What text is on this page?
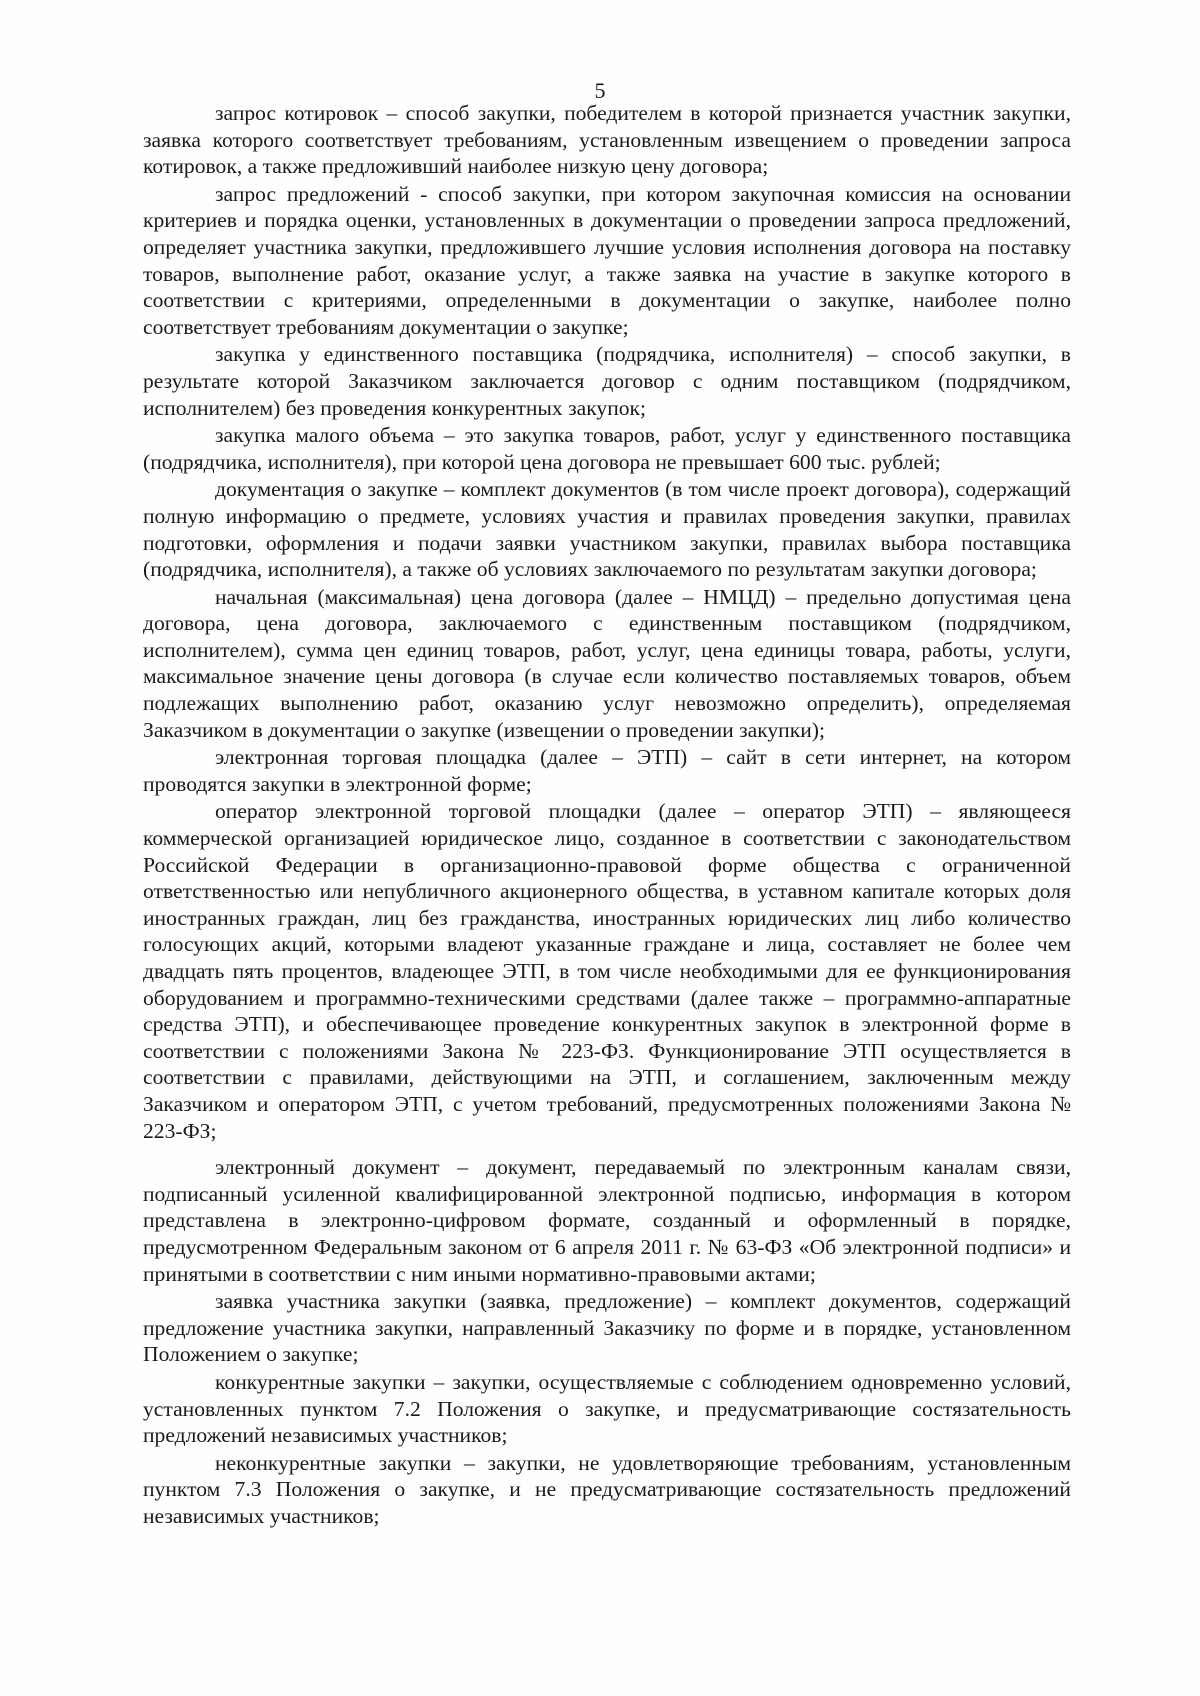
5

запрос котировок – способ закупки, победителем в которой признается участник закупки, заявка которого соответствует требованиям, установленным извещением о проведении запроса котировок, а также предложивший наиболее низкую цену договора;

запрос предложений - способ закупки, при котором закупочная комиссия на основании критериев и порядка оценки, установленных в документации о проведении запроса предложений, определяет участника закупки, предложившего лучшие условия исполнения договора на поставку товаров, выполнение работ, оказание услуг, а также заявка на участие в закупке которого в соответствии с критериями, определенными в документации о закупке, наиболее полно соответствует требованиям документации о закупке;

закупка у единственного поставщика (подрядчика, исполнителя) – способ закупки, в результате которой Заказчиком заключается договор с одним поставщиком (подрядчиком, исполнителем) без проведения конкурентных закупок;

закупка малого объема – это закупка товаров, работ, услуг у единственного поставщика (подрядчика, исполнителя), при которой цена договора не превышает 600 тыс. рублей;

документация о закупке – комплект документов (в том числе проект договора), содержащий полную информацию о предмете, условиях участия и правилах проведения закупки, правилах подготовки, оформления и подачи заявки участником закупки, правилах выбора поставщика (подрядчика, исполнителя), а также об условиях заключаемого по результатам закупки договора;

начальная (максимальная) цена договора (далее – НМЦД) – предельно допустимая цена договора, цена договора, заключаемого с единственным поставщиком (подрядчиком, исполнителем), сумма цен единиц товаров, работ, услуг, цена единицы товара, работы, услуги, максимальное значение цены договора (в случае если количество поставляемых товаров, объем подлежащих выполнению работ, оказанию услуг невозможно определить), определяемая Заказчиком в документации о закупке (извещении о проведении закупки);

электронная торговая площадка (далее – ЭТП) – сайт в сети интернет, на котором проводятся закупки в электронной форме;

оператор электронной торговой площадки (далее – оператор ЭТП) – являющееся коммерческой организацией юридическое лицо, созданное в соответствии с законодательством Российской Федерации в организационно-правовой форме общества с ограниченной ответственностью или непубличного акционерного общества, в уставном капитале которых доля иностранных граждан, лиц без гражданства, иностранных юридических лиц либо количество голосующих акций, которыми владеют указанные граждане и лица, составляет не более чем двадцать пять процентов, владеющее ЭТП, в том числе необходимыми для ее функционирования оборудованием и программно-техническими средствами (далее также – программно-аппаратные средства ЭТП), и обеспечивающее проведение конкурентных закупок в электронной форме в соответствии с положениями Закона № 223-ФЗ. Функционирование ЭТП осуществляется в соответствии с правилами, действующими на ЭТП, и соглашением, заключенным между Заказчиком и оператором ЭТП, с учетом требований, предусмотренных положениями Закона № 223-ФЗ;

электронный документ – документ, передаваемый по электронным каналам связи, подписанный усиленной квалифицированной электронной подписью, информация в котором представлена в электронно-цифровом формате, созданный и оформленный в порядке, предусмотренном Федеральным законом от 6 апреля 2011 г. № 63-ФЗ «Об электронной подписи» и принятыми в соответствии с ним иными нормативно-правовыми актами;

заявка участника закупки (заявка, предложение) – комплект документов, содержащий предложение участника закупки, направленный Заказчику по форме и в порядке, установленном Положением о закупке;

конкурентные закупки – закупки, осуществляемые с соблюдением одновременно условий, установленных пунктом 7.2 Положения о закупке, и предусматривающие состязательность предложений независимых участников;

неконкурентные закупки – закупки, не удовлетворяющие требованиям, установленным пунктом 7.3 Положения о закупке, и не предусматривающие состязательность предложений независимых участников;
